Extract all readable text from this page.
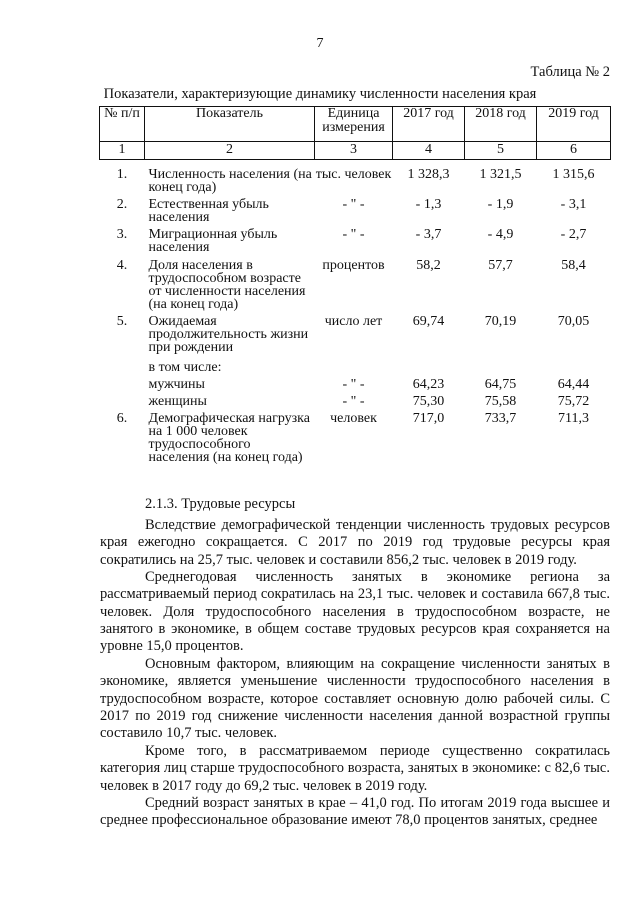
7
Таблица № 2
Показатели, характеризующие динамику численности населения края
№ п/п	Показатель	Единица измерения	2017 год	2018 год	2019 год
1	2	3	4	5	6

1.	Численность населения (на конец года)	тыс. человек	1 328,3	1 321,5	1 315,6
2.	Естественная убыль населения	- " -	- 1,3	- 1,9	- 3,1
3.	Миграционная убыль населения	- " -	- 3,7	- 4,9	- 2,7
4.	Доля населения в трудоспособном возрасте от численности населения (на конец года)	процентов	58,2	57,7	58,4
5.	Ожидаемая продолжительность жизни при рождении	число лет	69,74	70,19	70,05
	в том числе:				
	мужчины	- " -	64,23	64,75	64,44
	женщины	- " -	75,30	75,58	75,72
6.	Демографическая нагрузка на 1 000 человек трудоспособного населения (на конец года)	человек	717,0	733,7	711,3
2.1.3. Трудовые ресурсы

Вследствие демографической тенденции численность трудовых ресурсов края ежегодно сокращается. С 2017 по 2019 год трудовые ресурсы края сократились на 25,7 тыс. человек и составили 856,2 тыс. человек в 2019 году.

Среднегодовая численность занятых в экономике региона за рассматриваемый период сократилась на 23,1 тыс. человек и составила 667,8 тыс. человек. Доля трудоспособного населения в трудоспособном возрасте, не занятого в экономике, в общем составе трудовых ресурсов края сохраняется на уровне 15,0 процентов.

Основным фактором, влияющим на сокращение численности занятых в экономике, является уменьшение численности трудоспособного населения в трудоспособном возрасте, которое составляет основную долю рабочей силы. С 2017 по 2019 год снижение численности населения данной возрастной группы составило 10,7 тыс. человек.

Кроме того, в рассматриваемом периоде существенно сократилась категория лиц старше трудоспособного возраста, занятых в экономике: с 82,6 тыс. человек в 2017 году до 69,2 тыс. человек в 2019 году.

Средний возраст занятых в крае – 41,0 год. По итогам 2019 года высшее и среднее профессиональное образование имеют 78,0 процентов занятых, среднее
